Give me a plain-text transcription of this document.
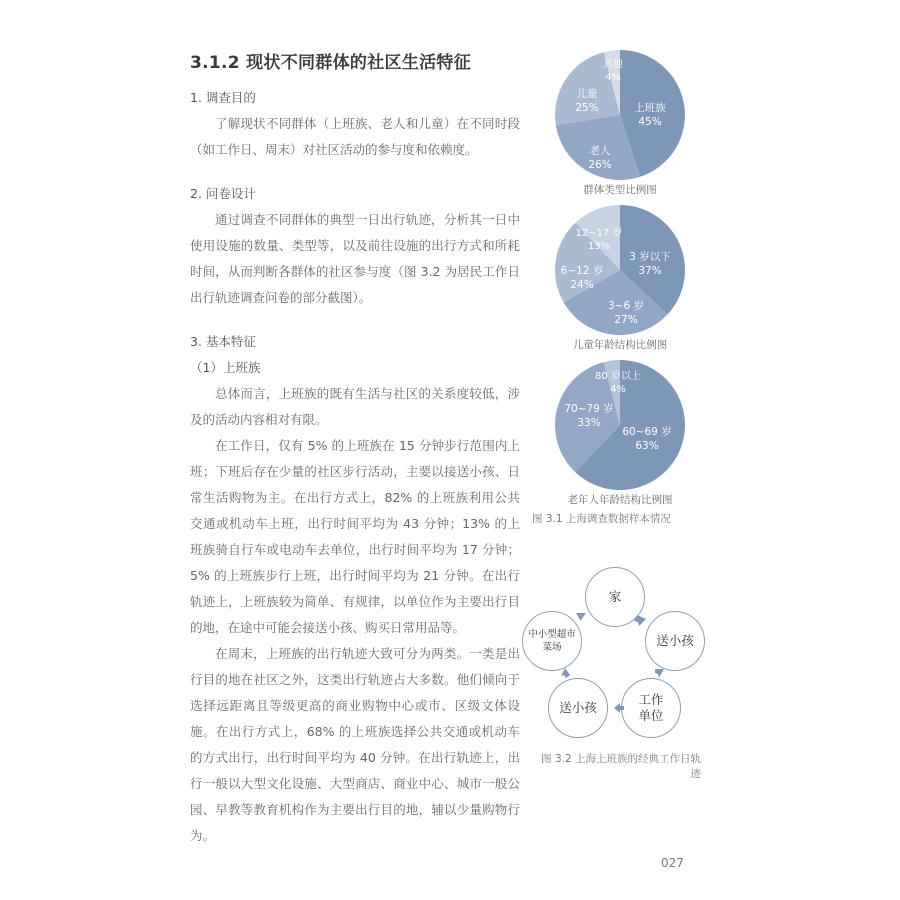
3.1.2 现状不同群体的社区生活特征
1. 调查目的

了解现状不同群体（上班族、老人和儿童）在不同时段（如工作日、周末）对社区活动的参与度和依赖度。

2. 问卷设计

通过调查不同群体的典型一日出行轨迹，分析其一日中使用设施的数量、类型等，以及前往设施的出行方式和所耗时间，从而判断各群体的社区参与度（图 3.2 为居民工作日出行轨迹调查问卷的部分截图）。

3. 基本特征
（1）上班族

总体而言，上班族的既有生活与社区的关系度较低，涉及的活动内容相对有限。

在工作日，仅有 5% 的上班族在 15 分钟步行范围内上班；下班后存在少量的社区步行活动，主要以接送小孩、日常生活购物为主。在出行方式上，82% 的上班族利用公共交通或机动车上班，出行时间平均为 43 分钟；13% 的上班族骑自行车或电动车去单位，出行时间平均为 17 分钟；5% 的上班族步行上班，出行时间平均为 21 分钟。在出行轨迹上，上班族较为简单、有规律，以单位作为主要出行目的地，在途中可能会接送小孩、购买日常用品等。

在周末，上班族的出行轨迹大致可分为两类。一类是出行目的地在社区之外，这类出行轨迹占大多数。他们倾向于选择远距离且等级更高的商业购物中心或市、区级文体设施。在出行方式上，68% 的上班族选择公共交通或机动车的方式出行，出行时间平均为 40 分钟。在出行轨迹上，出行一般以大型文化设施、大型商店、商业中心、城市一般公园、早教等教育机构作为主要出行目的地，辅以少量购物行为。

上班族
45%
老人
26%
儿童
25%
其他
4%
群体类型比例图
3 岁以下
37%
3~6 岁
27%
6~12 岁
24%
12~17 岁
13%
儿童年龄结构比例图
60~69 岁
63%
70~79 岁
33%
80 岁以上
4%
老年人年龄结构比例图
图 3.1 上海调查数据样本情况
家
送小孩
工作
单位
送小孩
中小型超市
菜场
图 3.2 上海上班族的经典工作日轨迹
027
